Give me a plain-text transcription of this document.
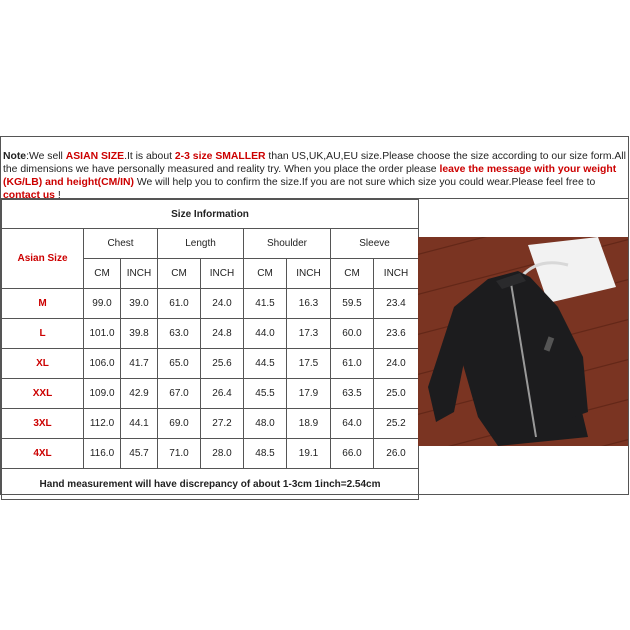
Note:We sell ASIAN SIZE.It is about 2-3 size SMALLER than US,UK,AU,EU size.Please choose the size according to our size form.All the dimensions we have personally measured and reality try. When you place the order please leave the message with your weight (KG/LB) and height(CM/IN) We will help you to confirm the size.If you are not sure which size you could wear.Please feel free to contact us !
Size Information								
Asian Size	Chest		Length		Shoulder		Sleeve	
	CM	INCH	CM	INCH	CM	INCH	CM	INCH
M	99.0	39.0	61.0	24.0	41.5	16.3	59.5	23.4
L	101.0	39.8	63.0	24.8	44.0	17.3	60.0	23.6
XL	106.0	41.7	65.0	25.6	44.5	17.5	61.0	24.0
XXL	109.0	42.9	67.0	26.4	45.5	17.9	63.5	25.0
3XL	112.0	44.1	69.0	27.2	48.0	18.9	64.0	25.2
4XL	116.0	45.7	71.0	28.0	48.5	19.1	66.0	26.0
Hand measurement will have discrepancy of about 1-3cm 1inch=2.54cm								
